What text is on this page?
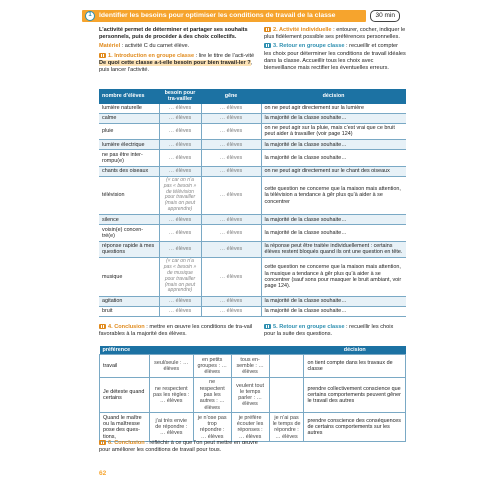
1	Identifier les besoins pour optimiser les conditions de travail de la classe	30 min

L’activité permet de déterminer et partager ses souhaits personnels, puis de procéder à des choix collectifs.

Matériel : activité C du carnet élève.

1. Introduction en groupe classe : lire le titre de l’acti-vité De quoi cette classe a-t-elle besoin pour bien travail-ler ?, puis lancer l’activité.

2. Activité individuelle : entourer, cocher, indiquer le plus fidèlement possible ses préférences personnelles.

3. Retour en groupe classe : recueillir et compter les choix pour déterminer les conditions de travail idéales dans la classe. Accueillir tous les choix avec bienveillance mais rectifier les éventuelles erreurs.

nombre d’élèves	besoin pour tra-vailler	gêne	décision
lumière naturelle	… élèves	… élèves	on ne peut agir directement sur la lumière
calme	… élèves	… élèves	la majorité de la classe souhaite…
pluie	… élèves	… élèves	on ne peut agir sur la pluie, mais c’est vrai que ce bruit peut aider à travailler (voir page 124)
lumière électrique	… élèves	… élèves	la majorité de la classe souhaite…
ne pas être inter-rompu(e)	… élèves	… élèves	la majorité de la classe souhaite…
chants des oiseaux	… élèves	… élèves	on ne peut agir directement sur le chant des oiseaux
télévision	(« car on n’a pas « besoin » de télévision pour travailler (mais on peut apprendre)	… élèves	cette question ne concerne que la maison mais attention, la télévision a tendance à gêr plus qu’à aider à se concentrer
silence	… élèves	… élèves	la majorité de la classe souhaite…
voisin(e) concen-tré(e)	… élèves	… élèves	la majorité de la classe souhaite…
réponse rapide à mes questions	… élèves	… élèves	la réponse peut être traitée individuellement : certains élèves restent bloqués quand ils ont une question en tête.
musique	(« car on n’a pas « besoin » de musique pour travailler (mais on peut apprendre)	… élèves	cette question ne concerne que la maison mais attention, la musique a tendance à gêr plus qu’à aider à se concentrer (sauf sons pour masquer le bruit ambiant, voir page 124).
agitation	… élèves	… élèves	la majorité de la classe souhaite…
bruit	… élèves	… élèves	la majorité de la classe souhaite…

4. Conclusion : mettre en œuvre les conditions de tra-vail favorables à la majorité des élèves.

5. Retour en groupe classe : recueillir les choix pour la suite des questions.

préférence					décision
travail	seul/seule : … élèves	en petits groupes : … élèves	tous en-semble : … élèves		on tient compte dans les travaux de classe
Je déteste quand certains	ne respectent pas les règles : … élèves	ne respectent pas les autres : … élèves	veulent tout le temps parler : … élèves		prendre collectivement conscience que certains comportements peuvent gêner le travail des autres
Quand le maître ou la maîtresse pose des ques-tions,	j’ai très envie de répondre : … élèves	je n’ose pas trop répondre : … élèves	je préfère écouter les réponses : … élèves	je n’ai pas le temps de répondre : … élèves	prendre conscience des conséquences de certains comportements sur les autres

6. Conclusion : réfléchir à ce que l’on peut mettre en œuvre pour améliorer les conditions de travail pour tous.

62
